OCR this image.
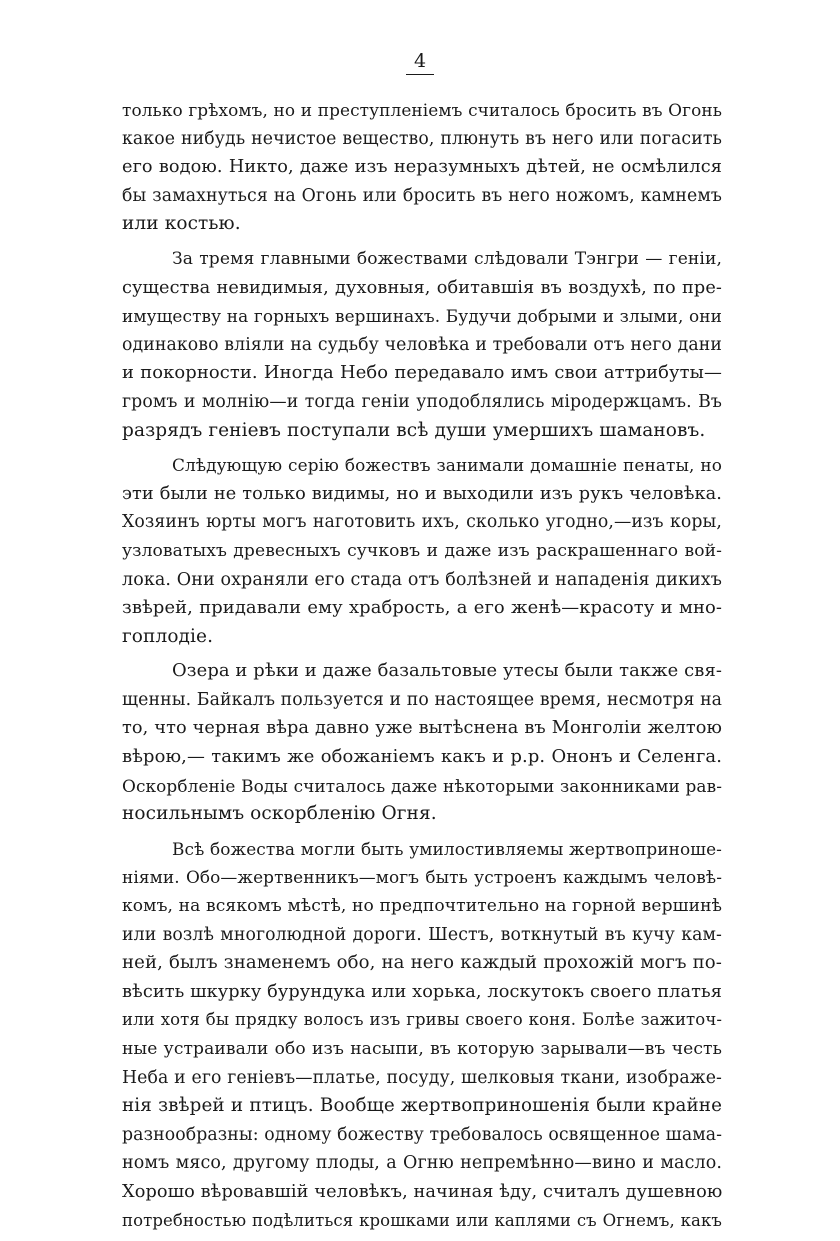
4
только грѣхомъ, но и преступленіемъ считалось бросить въ Огонь
какое нибудь нечистое вещество, плюнуть въ него или погасить
его водою. Никто, даже изъ неразумныхъ дѣтей, не осмѣлился
бы замахнуться на Огонь или бросить въ него ножомъ, камнемъ
или костью.
За тремя главными божествами слѣдовали Тэнгри — геніи,
существа невидимыя, духовныя, обитавшія въ воздухѣ, по пре-
имуществу на горныхъ вершинахъ. Будучи добрыми и злыми, они
одинаково вліяли на судьбу человѣка и требовали отъ него дани
и покорности. Иногда Небо передавало имъ свои аттрибуты—
громъ и молнію—и тогда геніи уподоблялись міродержцамъ. Въ
разрядъ геніевъ поступали всѣ души умершихъ шамановъ.
Слѣдующую серію божествъ занимали домашніе пенаты, но
эти были не только видимы, но и выходили изъ рукъ человѣка.
Хозяинъ юрты могъ наготовить ихъ, сколько угодно,—изъ коры,
узловатыхъ древесныхъ сучковъ и даже изъ раскрашеннаго вой-
лока. Они охраняли его стада отъ болѣзней и нападенія дикихъ
звѣрей, придавали ему храбрость, а его женѣ—красоту и мно-
гоплодіе.
Озера и рѣки и даже базальтовые утесы были также свя-
щенны. Байкалъ пользуется и по настоящее время, несмотря на
то, что черная вѣра давно уже вытѣснена въ Монголіи желтою
вѣрою,— такимъ же обожаніемъ какъ и р.р. Ононъ и Селенга.
Оскорбленіе Воды считалось даже нѣкоторыми законниками рав-
носильнымъ оскорбленію Огня.
Всѣ божества могли быть умилостивляемы жертвоприноше-
ніями. Обо—жертвенникъ—могъ быть устроенъ каждымъ человѣ-
комъ, на всякомъ мѣстѣ, но предпочтительно на горной вершинѣ
или возлѣ многолюдной дороги. Шестъ, воткнутый въ кучу кам-
ней, былъ знаменемъ обо, на него каждый прохожій могъ по-
вѣсить шкурку бурундука или хорька, лоскутокъ своего платья
или хотя бы прядку волосъ изъ гривы своего коня. Болѣе зажиточ-
ные устраивали обо изъ насыпи, въ которую зарывали—въ честь
Неба и его геніевъ—платье, посуду, шелковыя ткани, изображе-
нія звѣрей и птицъ. Вообще жертвоприношенія были крайне
разнообразны: одному божеству требовалось освященное шама-
номъ мясо, другому плоды, а Огню непремѣнно—вино и масло.
Хорошо вѣровавшій человѣкъ, начиная ѣду, считалъ душевною
потребностью подѣлиться крошками или каплями съ Огнемъ, какъ
